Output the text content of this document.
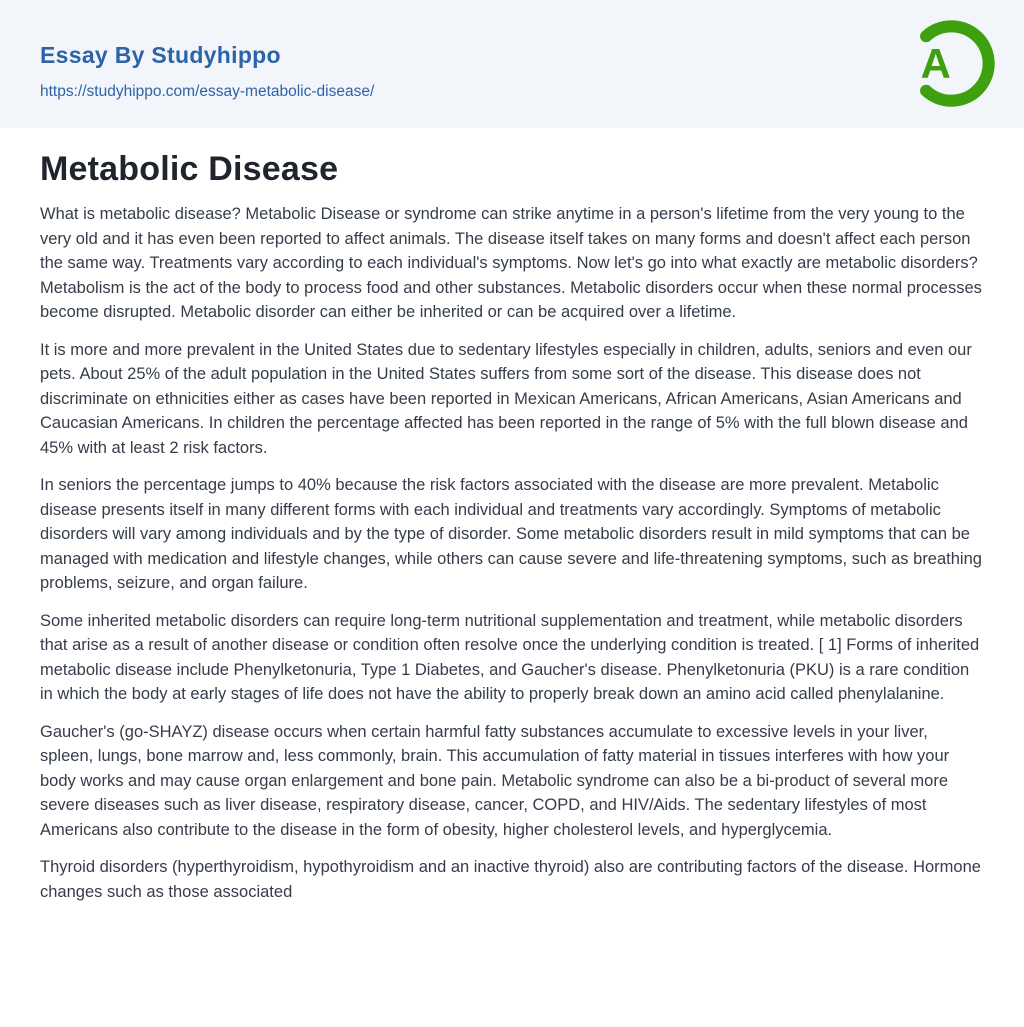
Essay By Studyhippo
https://studyhippo.com/essay-metabolic-disease/
A
Metabolic Disease

What is metabolic disease? Metabolic Disease or syndrome can strike anytime in a person's lifetime from the very young to the very old and it has even been reported to affect animals. The disease itself takes on many forms and doesn't affect each person the same way. Treatments vary according to each individual's symptoms. Now let's go into what exactly are metabolic disorders? Metabolism is the act of the body to process food and other substances. Metabolic disorders occur when these normal processes become disrupted. Metabolic disorder can either be inherited or can be acquired over a lifetime.

It is more and more prevalent in the United States due to sedentary lifestyles especially in children, adults, seniors and even our pets. About 25% of the adult population in the United States suffers from some sort of the disease. This disease does not discriminate on ethnicities either as cases have been reported in Mexican Americans, African Americans, Asian Americans and Caucasian Americans. In children the percentage affected has been reported in the range of 5% with the full blown disease and 45% with at least 2 risk factors.

In seniors the percentage jumps to 40% because the risk factors associated with the disease are more prevalent. Metabolic disease presents itself in many different forms with each individual and treatments vary accordingly. Symptoms of metabolic disorders will vary among individuals and by the type of disorder. Some metabolic disorders result in mild symptoms that can be managed with medication and lifestyle changes, while others can cause severe and life-threatening symptoms, such as breathing problems, seizure, and organ failure.

Some inherited metabolic disorders can require long-term nutritional supplementation and treatment, while metabolic disorders that arise as a result of another disease or condition often resolve once the underlying condition is treated. [ 1] Forms of inherited metabolic disease include Phenylketonuria, Type 1 Diabetes, and Gaucher's disease. Phenylketonuria (PKU) is a rare condition in which the body at early stages of life does not have the ability to properly break down an amino acid called phenylalanine.

Gaucher's (go-SHAYZ) disease occurs when certain harmful fatty substances accumulate to excessive levels in your liver, spleen, lungs, bone marrow and, less commonly, brain. This accumulation of fatty material in tissues interferes with how your body works and may cause organ enlargement and bone pain. Metabolic syndrome can also be a bi-product of several more severe diseases such as liver disease, respiratory disease, cancer, COPD, and HIV/Aids. The sedentary lifestyles of most Americans also contribute to the disease in the form of obesity, higher cholesterol levels, and hyperglycemia.

Thyroid disorders (hyperthyroidism, hypothyroidism and an inactive thyroid) also are contributing factors of the disease. Hormone changes such as those associated
